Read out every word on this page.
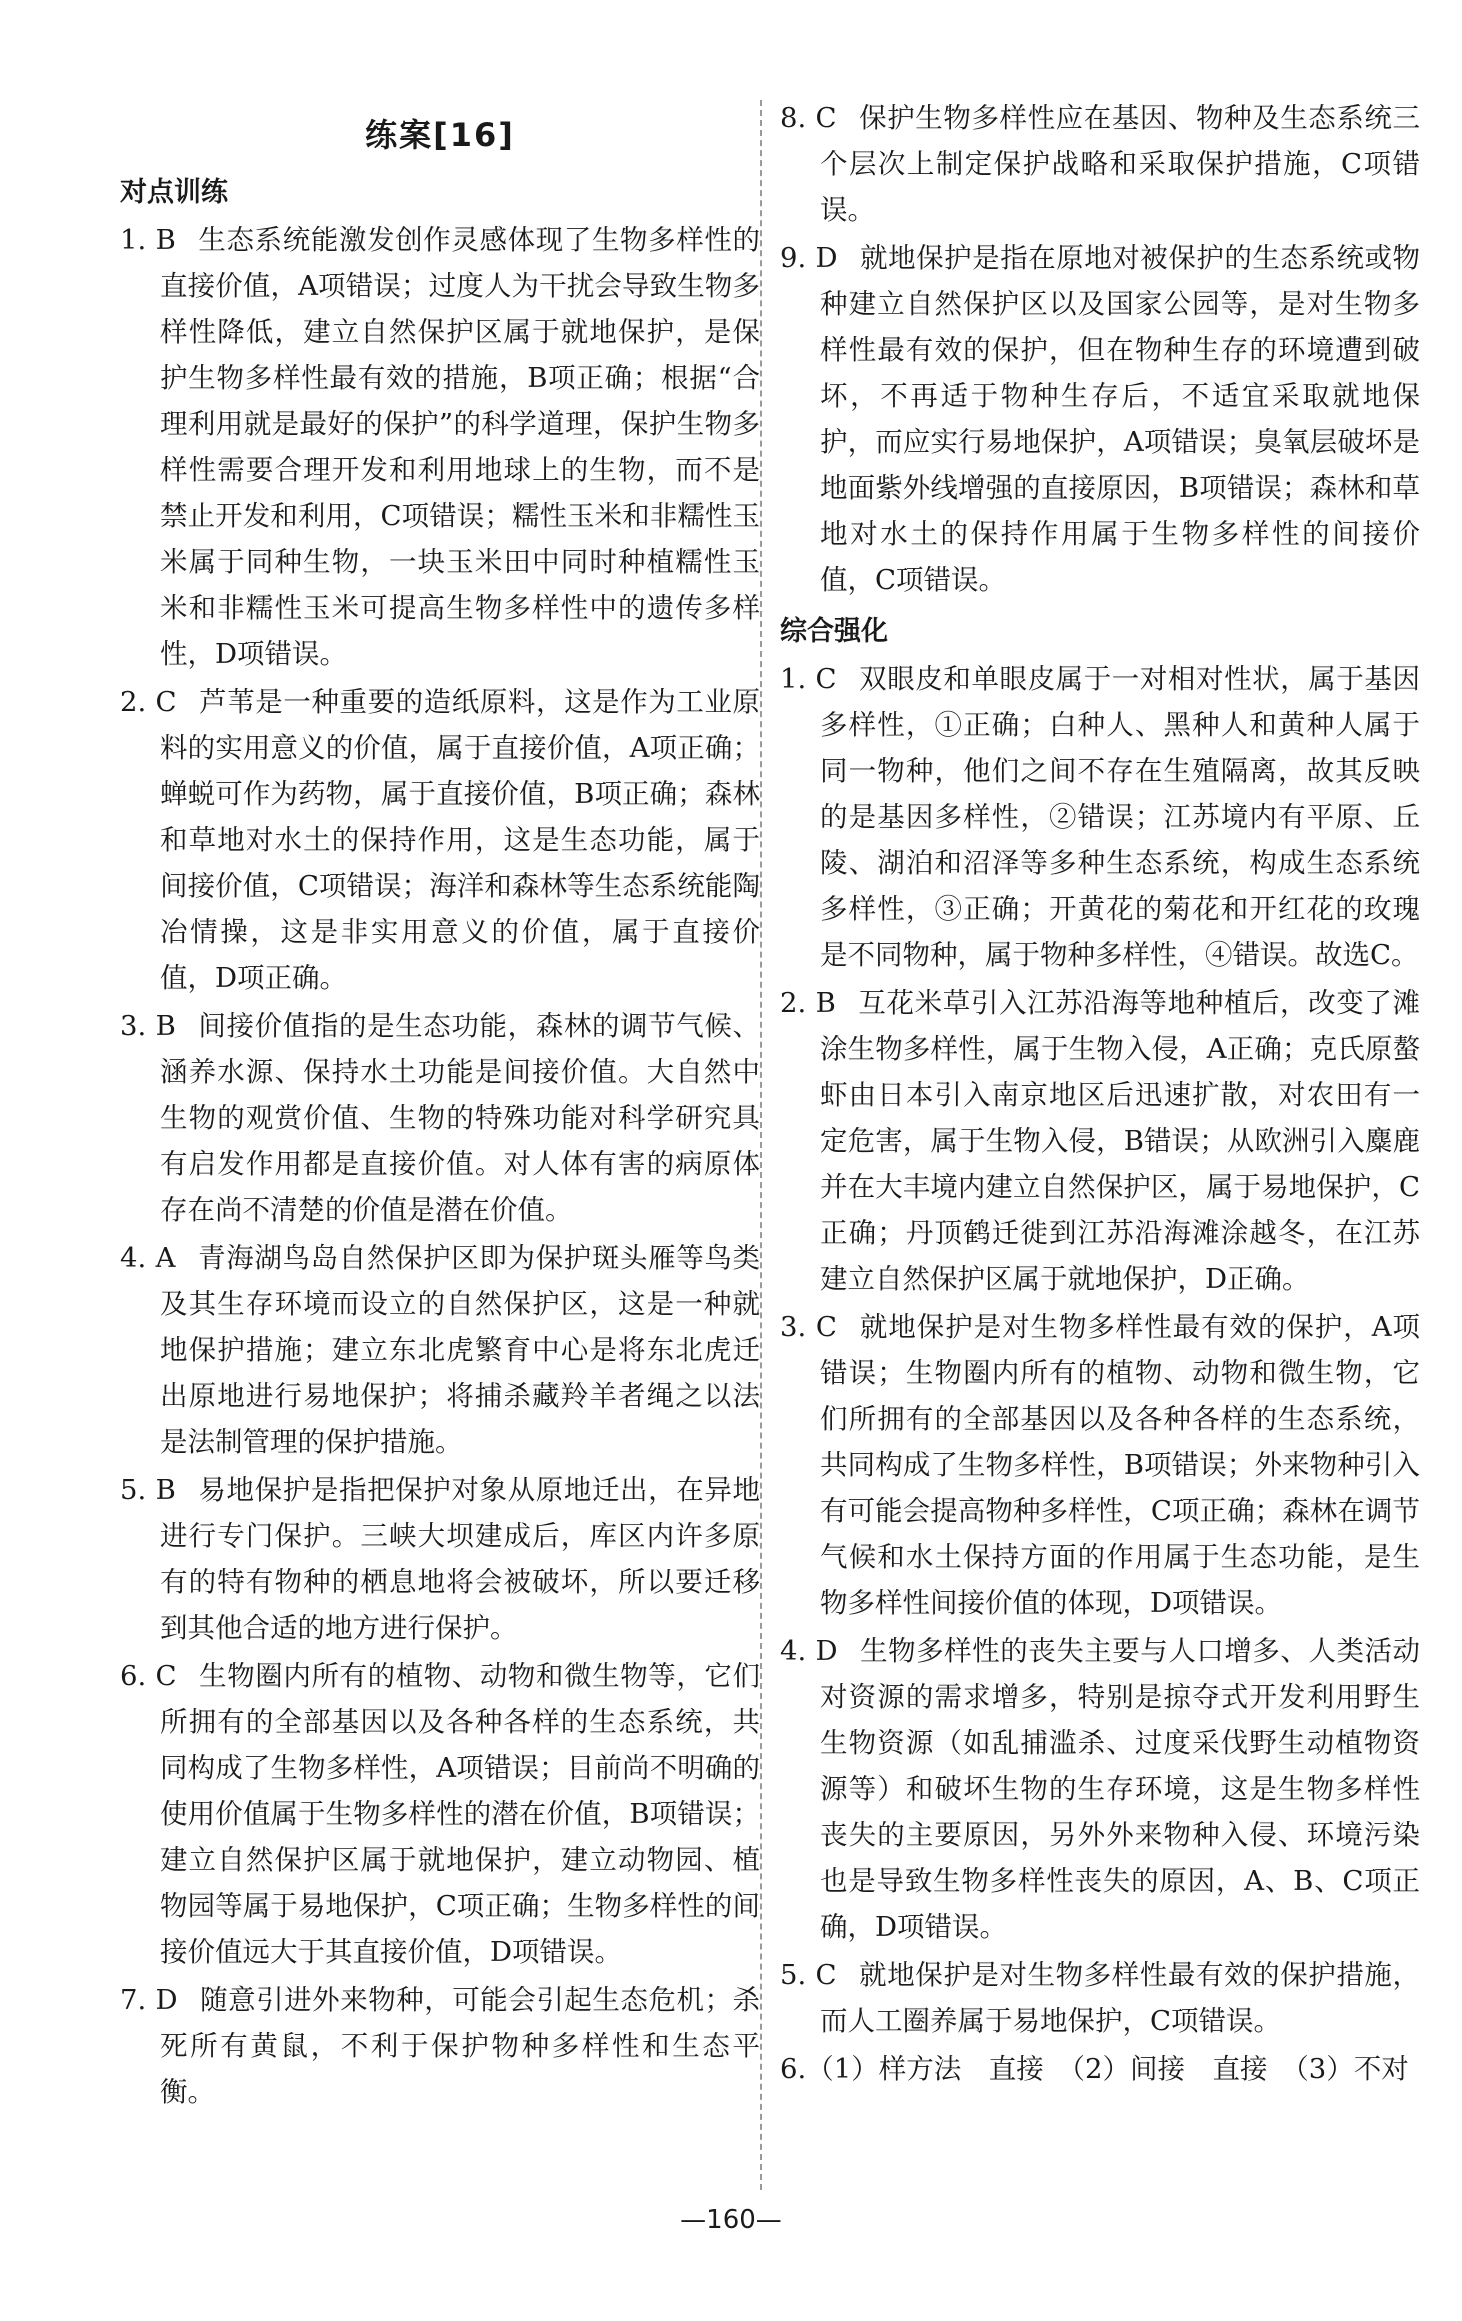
练案[16]
对点训练
1. B 生态系统能激发创作灵感体现了生物多样性的直接价值，A项错误；过度人为干扰会导致生物多样性降低，建立自然保护区属于就地保护，是保护生物多样性最有效的措施，B项正确；根据“合理利用就是最好的保护”的科学道理，保护生物多样性需要合理开发和利用地球上的生物，而不是禁止开发和利用，C项错误；糯性玉米和非糯性玉米属于同种生物，一块玉米田中同时种植糯性玉米和非糯性玉米可提高生物多样性中的遗传多样性，D项错误。
2. C 芦苇是一种重要的造纸原料，这是作为工业原料的实用意义的价值，属于直接价值，A项正确；蝉蜕可作为药物，属于直接价值，B项正确；森林和草地对水土的保持作用，这是生态功能，属于间接价值，C项错误；海洋和森林等生态系统能陶冶情操，这是非实用意义的价值，属于直接价值，D项正确。
3. B 间接价值指的是生态功能，森林的调节气候、涵养水源、保持水土功能是间接价值。大自然中生物的观赏价值、生物的特殊功能对科学研究具有启发作用都是直接价值。对人体有害的病原体存在尚不清楚的价值是潜在价值。
4. A 青海湖鸟岛自然保护区即为保护斑头雁等鸟类及其生存环境而设立的自然保护区，这是一种就地保护措施；建立东北虎繁育中心是将东北虎迁出原地进行易地保护；将捕杀藏羚羊者绳之以法是法制管理的保护措施。
5. B 易地保护是指把保护对象从原地迁出，在异地进行专门保护。三峡大坝建成后，库区内许多原有的特有物种的栖息地将会被破坏，所以要迁移到其他合适的地方进行保护。
6. C 生物圈内所有的植物、动物和微生物等，它们所拥有的全部基因以及各种各样的生态系统，共同构成了生物多样性，A项错误；目前尚不明确的使用价值属于生物多样性的潜在价值，B项错误；建立自然保护区属于就地保护，建立动物园、植物园等属于易地保护，C项正确；生物多样性的间接价值远大于其直接价值，D项错误。
7. D 随意引进外来物种，可能会引起生态危机；杀死所有黄鼠，不利于保护物种多样性和生态平衡。
8. C 保护生物多样性应在基因、物种及生态系统三个层次上制定保护战略和采取保护措施，C项错误。
9. D 就地保护是指在原地对被保护的生态系统或物种建立自然保护区以及国家公园等，是对生物多样性最有效的保护，但在物种生存的环境遭到破坏，不再适于物种生存后，不适宜采取就地保护，而应实行易地保护，A项错误；臭氧层破坏是地面紫外线增强的直接原因，B项错误；森林和草地对水土的保持作用属于生物多样性的间接价值，C项错误。
综合强化
1. C 双眼皮和单眼皮属于一对相对性状，属于基因多样性，①正确；白种人、黑种人和黄种人属于同一物种，他们之间不存在生殖隔离，故其反映的是基因多样性，②错误；江苏境内有平原、丘陵、湖泊和沼泽等多种生态系统，构成生态系统多样性，③正确；开黄花的菊花和开红花的玫瑰是不同物种，属于物种多样性，④错误。故选C。
2. B 互花米草引入江苏沿海等地种植后，改变了滩涂生物多样性，属于生物入侵，A正确；克氏原螯虾由日本引入南京地区后迅速扩散，对农田有一定危害，属于生物入侵，B错误；从欧洲引入麋鹿并在大丰境内建立自然保护区，属于易地保护，C正确；丹顶鹤迁徙到江苏沿海滩涂越冬，在江苏建立自然保护区属于就地保护，D正确。
3. C 就地保护是对生物多样性最有效的保护，A项错误；生物圈内所有的植物、动物和微生物，它们所拥有的全部基因以及各种各样的生态系统，共同构成了生物多样性，B项错误；外来物种引入有可能会提高物种多样性，C项正确；森林在调节气候和水土保持方面的作用属于生态功能，是生物多样性间接价值的体现，D项错误。
4. D 生物多样性的丧失主要与人口增多、人类活动对资源的需求增多，特别是掠夺式开发利用野生生物资源（如乱捕滥杀、过度采伐野生动植物资源等）和破坏生物的生存环境，这是生物多样性丧失的主要原因，另外外来物种入侵、环境污染也是导致生物多样性丧失的原因，A、B、C项正确，D项错误。
5. C 就地保护是对生物多样性最有效的保护措施，而人工圈养属于易地保护，C项错误。
6.（1）样方法　直接　（2）间接　直接　（3）不对
—160—
